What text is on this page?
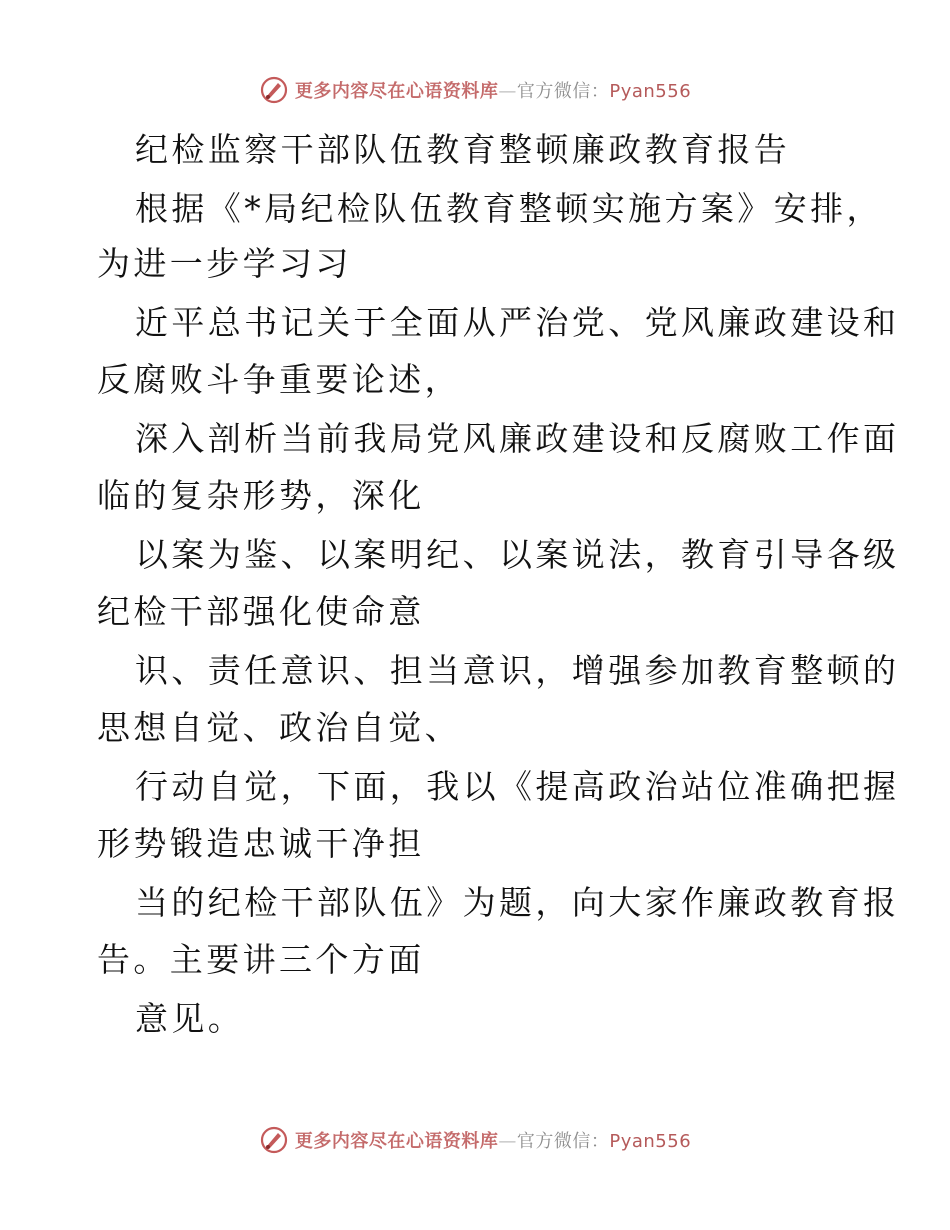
更多内容尽在心语资料库—官方微信：Pyan556
纪检监察干部队伍教育整顿廉政教育报告
根据《*局纪检队伍教育整顿实施方案》安排，
为进一步学习习
近平总书记关于全面从严治党、党风廉政建设和
反腐败斗争重要论述，
深入剖析当前我局党风廉政建设和反腐败工作面
临的复杂形势，深化
以案为鉴、以案明纪、以案说法，教育引导各级
纪检干部强化使命意
识、责任意识、担当意识，增强参加教育整顿的
思想自觉、政治自觉、
行动自觉，下面，我以《提高政治站位准确把握
形势锻造忠诚干净担
当的纪检干部队伍》为题，向大家作廉政教育报
告。主要讲三个方面
意见。
更多内容尽在心语资料库—官方微信：Pyan556
